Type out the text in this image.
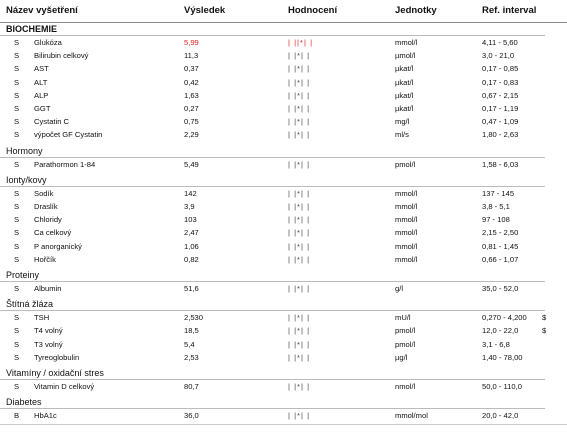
Název vyšetření	Výsledek	Hodnocení	Jednotky	Ref. interval
BIOCHEMIE
S Glukóza	5,99	| ||*| |	mmol/l	4,11 - 5,60
S Bilirubin celkový	11,3	| |*| |	µmol/l	3,0 - 21,0
S AST	0,37	| |*| |	µkat/l	0,17 - 0,85
S ALT	0,42	| |*| |	µkat/l	0,17 - 0,83
S ALP	1,63	| |*| |	µkat/l	0,67 - 2,15
S GGT	0,27	| |*| |	µkat/l	0,17 - 1,19
S Cystatin C	0,75	| |*| |	mg/l	0,47 - 1,09
S výpočet GF Cystatin	2,29	| |*| |	ml/s	1,80 - 2,63
Hormony
S Parathormon 1-84	5,49	| |*| |	pmol/l	1,58 - 6,03
Ionty/kovy
S Sodík	142	| |*| |	mmol/l	137 - 145
S Draslík	3,9	| |*| |	mmol/l	3,8 - 5,1
S Chloridy	103	| |*| |	mmol/l	97 - 108
S Ca celkový	2,47	| |*| |	mmol/l	2,15 - 2,50
S P anorganický	1,06	| |*| |	mmol/l	0,81 - 1,45
S Hořčík	0,82	| |*| |	mmol/l	0,66 - 1,07
Proteiny
S Albumin	51,6	| |*| |	g/l	35,0 - 52,0
Štítná žláza
S TSH	2,530	| |*| |	mU/l	0,270 - 4,200 $
S T4 volný	18,5	| |*| |	pmol/l	12,0 - 22,0	$
S T3 volný	5,4	| |*| |	pmol/l	3,1 - 6,8
S Tyreoglobulin	2,53	| |*| |	µg/l	1,40 - 78,00
Vitamíny / oxidační stres
S Vitamin D celkový	80,7	| |*| |	nmol/l	50,0 - 110,0
Diabetes
B HbA1c	36,0	| |*| |	mmol/mol	20,0 - 42,0
